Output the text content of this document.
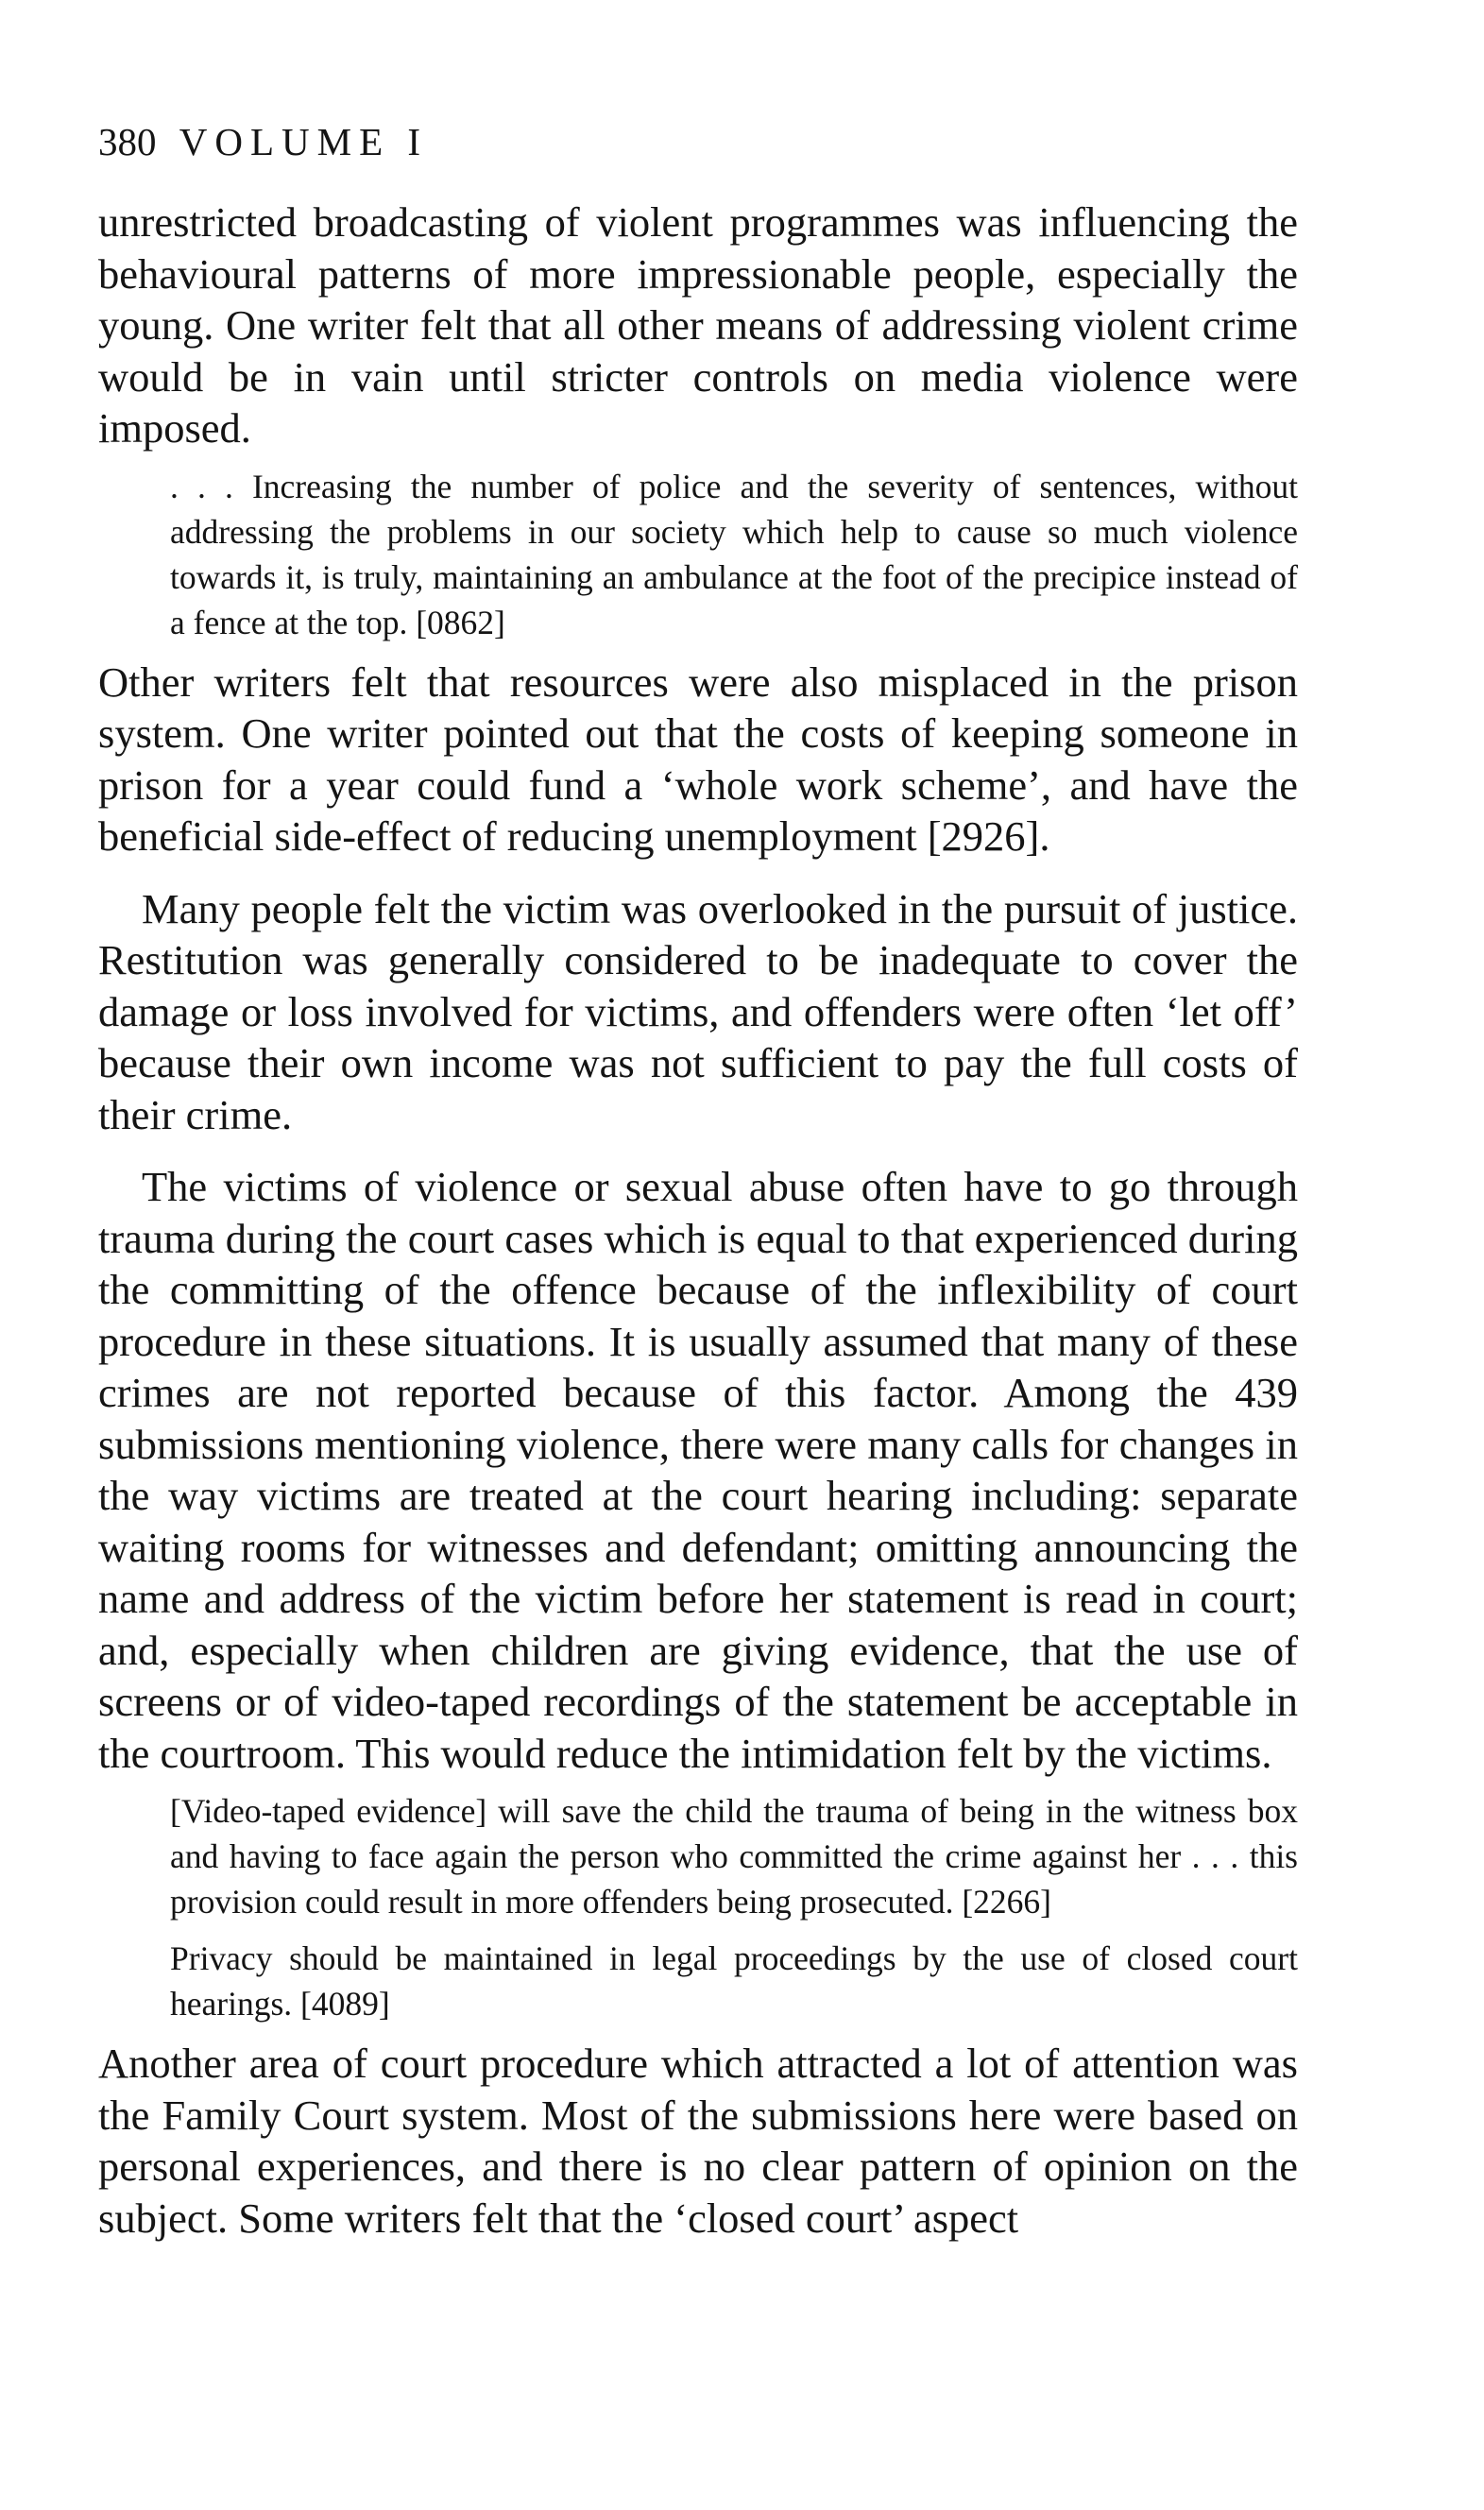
380 VOLUME I

unrestricted broadcasting of violent programmes was influencing the behavioural patterns of more impressionable people, especially the young. One writer felt that all other means of addressing violent crime would be in vain until stricter controls on media violence were imposed.

. . . Increasing the number of police and the severity of sentences, without addressing the problems in our society which help to cause so much violence towards it, is truly, maintaining an ambulance at the foot of the precipice instead of a fence at the top. [0862]

Other writers felt that resources were also misplaced in the prison system. One writer pointed out that the costs of keeping someone in prison for a year could fund a ‘whole work scheme’, and have the beneficial side-effect of reducing unemployment [2926].

Many people felt the victim was overlooked in the pursuit of justice. Restitution was generally considered to be inadequate to cover the damage or loss involved for victims, and offenders were often ‘let off’ because their own income was not sufficient to pay the full costs of their crime.

The victims of violence or sexual abuse often have to go through trauma during the court cases which is equal to that experienced during the committing of the offence because of the inflexibility of court procedure in these situations. It is usually assumed that many of these crimes are not reported because of this factor. Among the 439 submissions mentioning violence, there were many calls for changes in the way victims are treated at the court hearing including: separate waiting rooms for witnesses and defendant; omitting announcing the name and address of the victim before her statement is read in court; and, especially when children are giving evidence, that the use of screens or of video-taped recordings of the statement be acceptable in the courtroom. This would reduce the intimidation felt by the victims.

[Video-taped evidence] will save the child the trauma of being in the witness box and having to face again the person who committed the crime against her . . . this provision could result in more offenders being prosecuted. [2266]

Privacy should be maintained in legal proceedings by the use of closed court hearings. [4089]

Another area of court procedure which attracted a lot of attention was the Family Court system. Most of the submissions here were based on personal experiences, and there is no clear pattern of opinion on the subject. Some writers felt that the ‘closed court’ aspect
